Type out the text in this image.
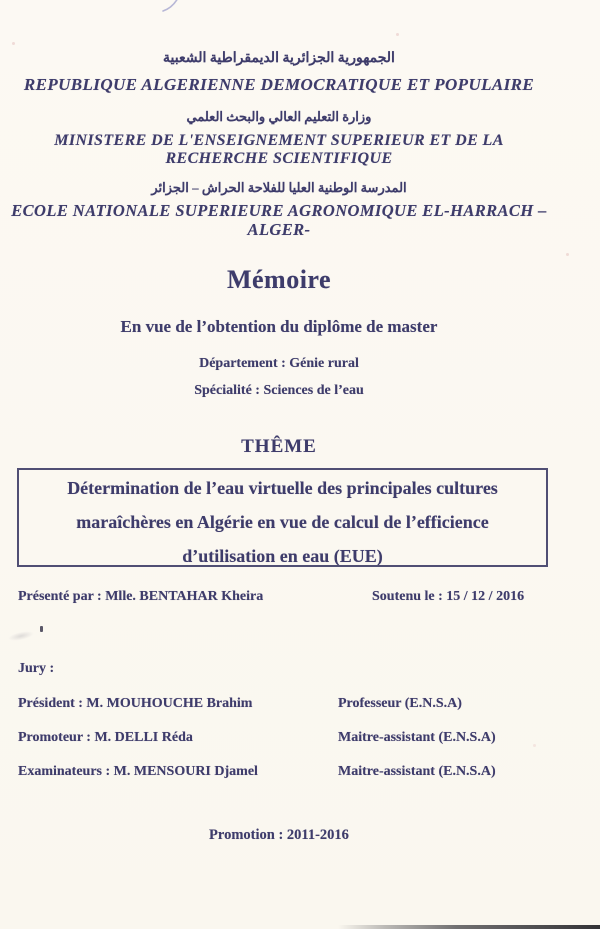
الجمهورية الجزائرية الديمقراطية الشعبية
REPUBLIQUE ALGERIENNE DEMOCRATIQUE ET POPULAIRE
وزارة التعليم العالي والبحث العلمي
MINISTERE DE L'ENSEIGNEMENT SUPERIEUR ET DE LA
RECHERCHE SCIENTIFIQUE
المدرسة الوطنية العليا للفلاحة الحراش – الجزائر
ECOLE NATIONALE SUPERIEURE AGRONOMIQUE EL-HARRACH –
ALGER-
Mémoire
En vue de l’obtention du diplôme de master
Département : Génie rural
Spécialité : Sciences de l’eau
THÊME
Détermination de l’eau virtuelle des principales cultures
maraîchères en Algérie en vue de calcul de l’efficience
d’utilisation en eau (EUE)
Présenté par : Mlle. BENTAHAR Kheira	Soutenu le : 15 / 12 / 2016
Jury :
Président : M. MOUHOUCHE Brahim	Professeur (E.N.S.A)
Promoteur : M. DELLI Réda	Maitre-assistant (E.N.S.A)
Examinateurs : M. MENSOURI Djamel	Maitre-assistant (E.N.S.A)
Promotion : 2011-2016
